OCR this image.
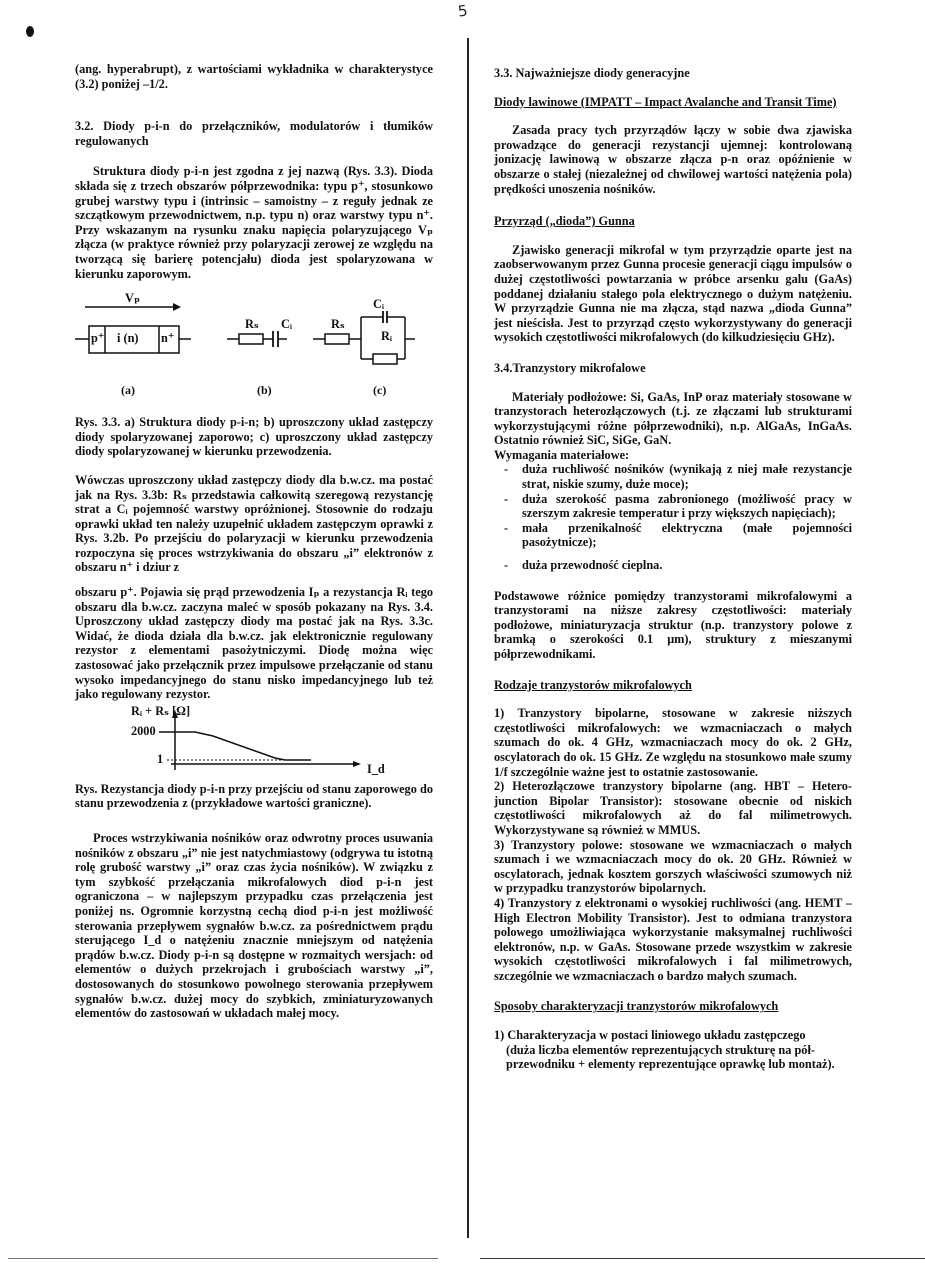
5

(ang. hyperabrupt), z wartościami wykładnika w charakterystyce (3.2) poniżej –1/2.

3.2. Diody p-i-n do przełączników, modulatorów i tłumików regulowanych

Struktura diody p-i-n jest zgodna z jej nazwą (Rys. 3.3). Dioda składa się z trzech obszarów półprzewodnika: typu p⁺, stosunkowo grubej warstwy typu i (intrinsic – samoistny – z reguły jednak ze szczątkowym przewodnictwem, n.p. typu n) oraz warstwy typu n⁺. Przy wskazanym na rysunku znaku napięcia polaryzującego Vₚ złącza (w praktyce również przy polaryzacji zerowej ze względu na tworzącą się barierę potencjału) dioda jest spolaryzowana w kierunku zaporowym.

Vₚ
p⁺ i (n) n⁺
Rₛ Cᵢ	Rₛ
Cᵢ
Rᵢ
(a)	(b)	(c)

Rys. 3.3. a) Struktura diody p-i-n; b) uproszczony układ zastępczy diody spolaryzowanej zaporowo; c) uproszczony układ zastępczy diody spolaryzowanej w kierunku przewodzenia.

Wówczas uproszczony układ zastępczy diody dla b.w.cz. ma postać jak na Rys. 3.3b: Rₛ przedstawia całkowitą szeregową rezystancję strat a Cᵢ pojemność warstwy opróżnionej. Stosownie do rodzaju oprawki układ ten należy uzupełnić układem zastępczym oprawki z Rys. 3.2b. Po przejściu do polaryzacji w kierunku przewodzenia rozpoczyna się proces wstrzykiwania do obszaru „i” elektronów z obszaru n⁺ i dziur z

obszaru p⁺. Pojawia się prąd przewodzenia Iₚ a rezystancja Rᵢ tego obszaru dla b.w.cz. zaczyna maleć w sposób pokazany na Rys. 3.4. Uproszczony układ zastępczy diody ma postać jak na Rys. 3.3c. Widać, że dioda działa dla b.w.cz. jak elektronicznie regulowany rezystor z elementami pasożytniczymi. Diodę można więc zastosować jako przełącznik przez impulsowe przełączanie od stanu wysoko impedancyjnego do stanu nisko impedancyjnego lub też jako regulowany rezystor.

Rᵢ + Rₛ [Ω]
2000
1
I_d

Rys. Rezystancja diody p-i-n przy przejściu od stanu zaporowego do stanu przewodzenia z (przykładowe wartości graniczne).

Proces wstrzykiwania nośników oraz odwrotny proces usuwania nośników z obszaru „i” nie jest natychmiastowy (odgrywa tu istotną rolę grubość warstwy „i” oraz czas życia nośników). W związku z tym szybkość przełączania mikrofalowych diod p-i-n jest ograniczona – w najlepszym przypadku czas przełączenia jest poniżej ns. Ogromnie korzystną cechą diod p-i-n jest możliwość sterowania przepływem sygnałów b.w.cz. za pośrednictwem prądu sterującego I_d o natężeniu znacznie mniejszym od natężenia prądów b.w.cz. Diody p-i-n są dostępne w rozmaitych wersjach: od elementów o dużych przekrojach i grubościach warstwy „i”, dostosowanych do stosunkowo powolnego sterowania przepływem sygnałów b.w.cz. dużej mocy do szybkich, zminiaturyzowanych elementów do zastosowań w układach małej mocy.

3.3. Najważniejsze diody generacyjne

Diody lawinowe (IMPATT – Impact Avalanche and Transit Time)

Zasada pracy tych przyrządów łączy w sobie dwa zjawiska prowadzące do generacji rezystancji ujemnej: kontrolowaną jonizację lawinową w obszarze złącza p-n oraz opóźnienie w obszarze o stałej (niezależnej od chwilowej wartości natężenia pola) prędkości unoszenia nośników.

Przyrząd („dioda”) Gunna

Zjawisko generacji mikrofal w tym przyrządzie oparte jest na zaobserwowanym przez Gunna procesie generacji ciągu impulsów o dużej częstotliwości powtarzania w próbce arsenku galu (GaAs) poddanej działaniu stałego pola elektrycznego o dużym natężeniu. W przyrządzie Gunna nie ma złącza, stąd nazwa „dioda Gunna” jest nieścisła. Jest to przyrząd często wykorzystywany do generacji wysokich częstotliwości mikrofalowych (do kilkudziesięciu GHz).

3.4.Tranzystory mikrofalowe

Materiały podłożowe: Si, GaAs, InP oraz materiały stosowane w tranzystorach heterozłączowych (t.j. ze złączami lub strukturami wykorzystującymi różne półprzewodniki), n.p. AlGaAs, InGaAs. Ostatnio również SiC, SiGe, GaN.

Wymagania materiałowe:

- duża ruchliwość nośników (wynikają z niej małe rezystancje strat, niskie szumy, duże moce);
- duża szerokość pasma zabronionego (możliwość pracy w szerszym zakresie temperatur i przy większych napięciach);
- mała przenikalność elektryczna (małe pojemności pasożytnicze);
- duża przewodność cieplna.

Podstawowe różnice pomiędzy tranzystorami mikrofalowymi a tranzystorami na niższe zakresy częstotliwości: materiały podłożowe, miniaturyzacja struktur (n.p. tranzystory polowe z bramką o szerokości 0.1 μm), struktury z mieszanymi półprzewodnikami.

Rodzaje tranzystorów mikrofalowych

1) Tranzystory bipolarne, stosowane w zakresie niższych częstotliwości mikrofalowych: we wzmacniaczach o małych szumach do ok. 4 GHz, wzmacniaczach mocy do ok. 2 GHz, oscylatorach do ok. 15 GHz. Ze względu na stosunkowo małe szumy 1/f szczególnie ważne jest to ostatnie zastosowanie.

2) Heterozłączowe tranzystory bipolarne (ang. HBT – Hetero-junction Bipolar Transistor): stosowane obecnie od niskich częstotliwości mikrofalowych aż do fal milimetrowych. Wykorzystywane są również w MMUS.

3) Tranzystory polowe: stosowane we wzmacniaczach o małych szumach i we wzmacniaczach mocy do ok. 20 GHz. Również w oscylatorach, jednak kosztem gorszych właściwości szumowych niż w przypadku tranzystorów bipolarnych.

4) Tranzystory z elektronami o wysokiej ruchliwości (ang. HEMT – High Electron Mobility Transistor). Jest to odmiana tranzystora polowego umożliwiająca wykorzystanie maksymalnej ruchliwości elektronów, n.p. w GaAs. Stosowane przede wszystkim w zakresie wysokich częstotliwości mikrofalowych i fal milimetrowych, szczególnie we wzmacniaczach o bardzo małych szumach.

Sposoby charakteryzacji tranzystorów mikrofalowych

1) Charakteryzacja w postaci liniowego układu zastępczego

(duża liczba elementów reprezentujących strukturę na pół-przewodniku + elementy reprezentujące oprawkę lub montaż).
